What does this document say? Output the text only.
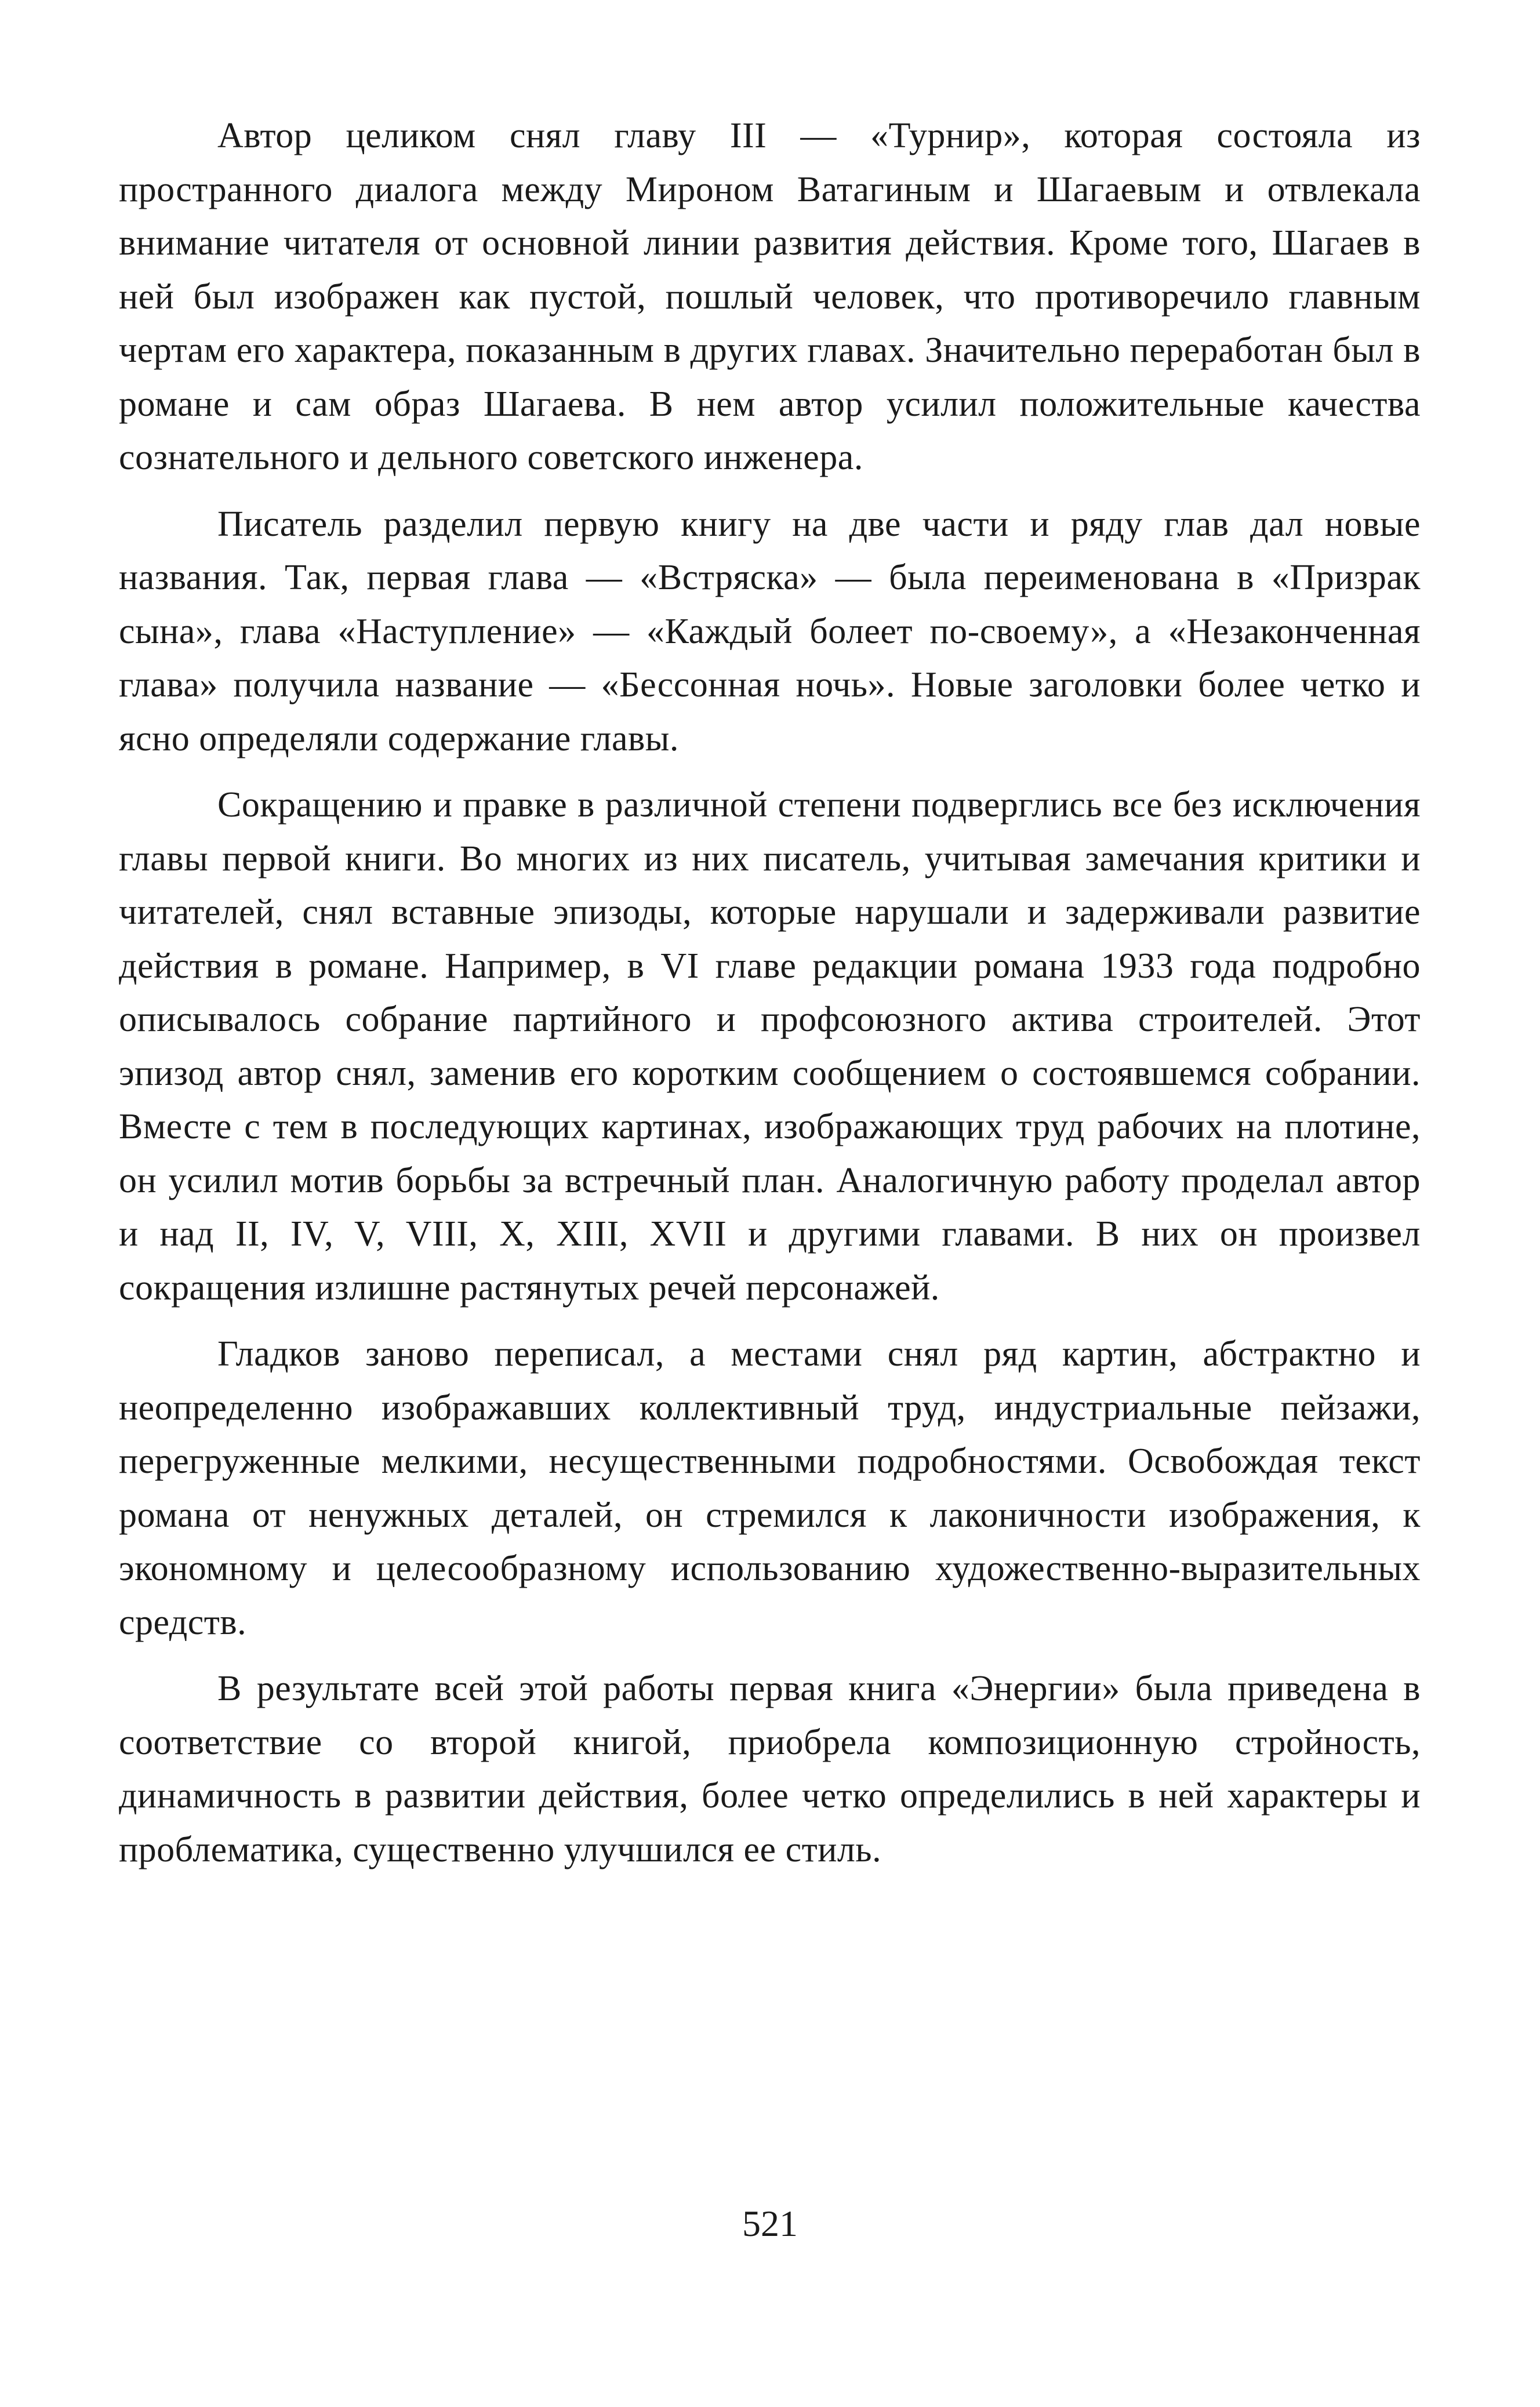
Автор целиком снял главу III — «Турнир», которая состояла из пространного диалога между Мироном Ватагиным и Шагаевым и отвлекала внимание читателя от основной линии развития действия. Кроме того, Шагаев в ней был изображен как пустой, пошлый человек, что противоречило главным чертам его характера, показанным в других главах. Значительно переработан был в романе и сам образ Шагаева. В нем автор усилил положительные качества сознательного и дельного советского инженера.

Писатель разделил первую книгу на две части и ряду глав дал новые названия. Так, первая глава — «Встряска» — была переименована в «Призрак сына», глава «Наступление» — «Каждый болеет по-своему», а «Незаконченная глава» получила название — «Бессонная ночь». Новые заголовки более четко и ясно определяли содержание главы.

Сокращению и правке в различной степени подверглись все без исключения главы первой книги. Во многих из них писатель, учитывая замечания критики и читателей, снял вставные эпизоды, которые нарушали и задерживали развитие действия в романе. Например, в VI главе редакции романа 1933 года подробно описывалось собрание партийного и профсоюзного актива строителей. Этот эпизод автор снял, заменив его коротким сообщением о состоявшемся собрании. Вместе с тем в последующих картинах, изображающих труд рабочих на плотине, он усилил мотив борьбы за встречный план. Аналогичную работу проделал автор и над II, IV, V, VIII, X, XIII, XVII и другими главами. В них он произвел сокращения излишне растянутых речей персонажей.

Гладков заново переписал, а местами снял ряд картин, абстрактно и неопределенно изображавших коллективный труд, индустриальные пейзажи, перегруженные мелкими, несущественными подробностями. Освобождая текст романа от ненужных деталей, он стремился к лаконичности изображения, к экономному и целесообразному использованию художественно-выразительных средств.

В результате всей этой работы первая книга «Энергии» была приведена в соответствие со второй книгой, приобрела композиционную стройность, динамичность в развитии действия, более четко определились в ней характеры и проблематика, существенно улучшился ее стиль.

521
